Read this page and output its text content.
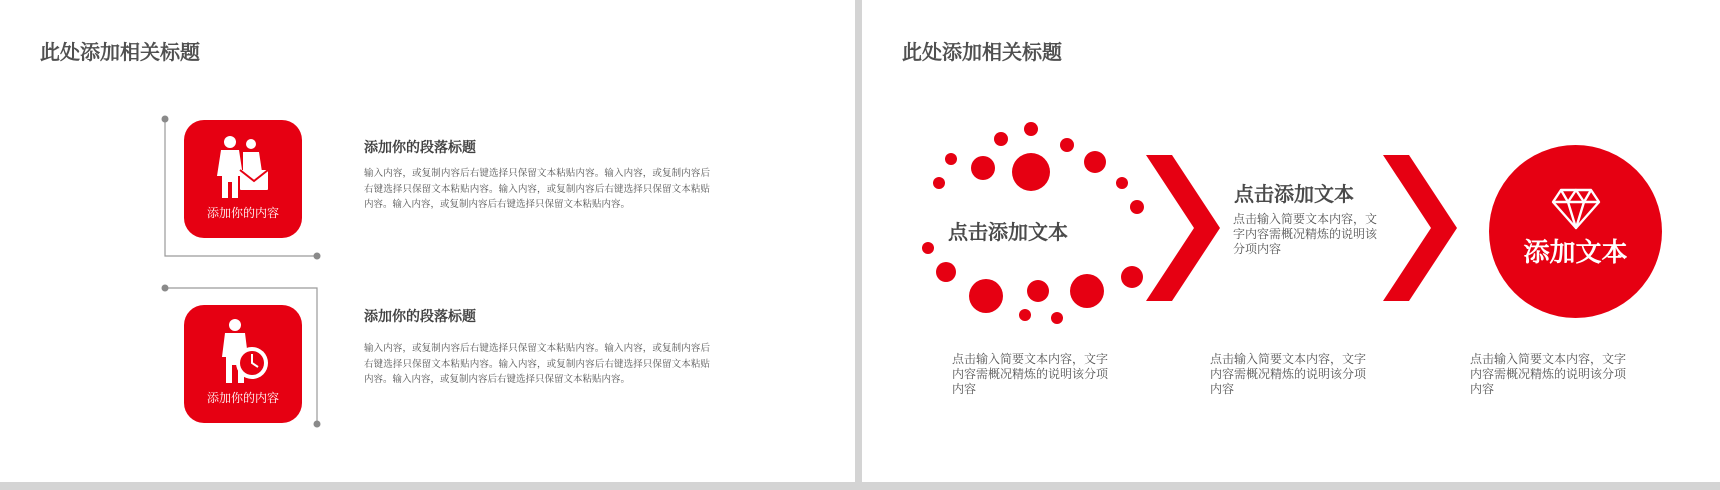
此处添加相关标题
添加你的内容
添加你的段落标题

输入内容，或复制内容后右键选择只保留文本粘贴内容。输入内容，或复制内容后右键选择只保留文本粘贴内容。输入内容，或复制内容后右键选择只保留文本粘贴内容。输入内容，或复制内容后右键选择只保留文本粘贴内容。

添加你的内容
添加你的段落标题

输入内容，或复制内容后右键选择只保留文本粘贴内容。输入内容，或复制内容后右键选择只保留文本粘贴内容。输入内容，或复制内容后右键选择只保留文本粘贴内容。输入内容，或复制内容后右键选择只保留文本粘贴内容。

此处添加相关标题
点击添加文本
点击添加文本

点击输入简要文本内容，文字内容需概况精炼的说明该分项内容	添加文本

点击输入简要文本内容，文字内容需概况精炼的说明该分项内容

点击输入简要文本内容，文字内容需概况精炼的说明该分项内容

点击输入简要文本内容，文字内容需概况精炼的说明该分项内容
